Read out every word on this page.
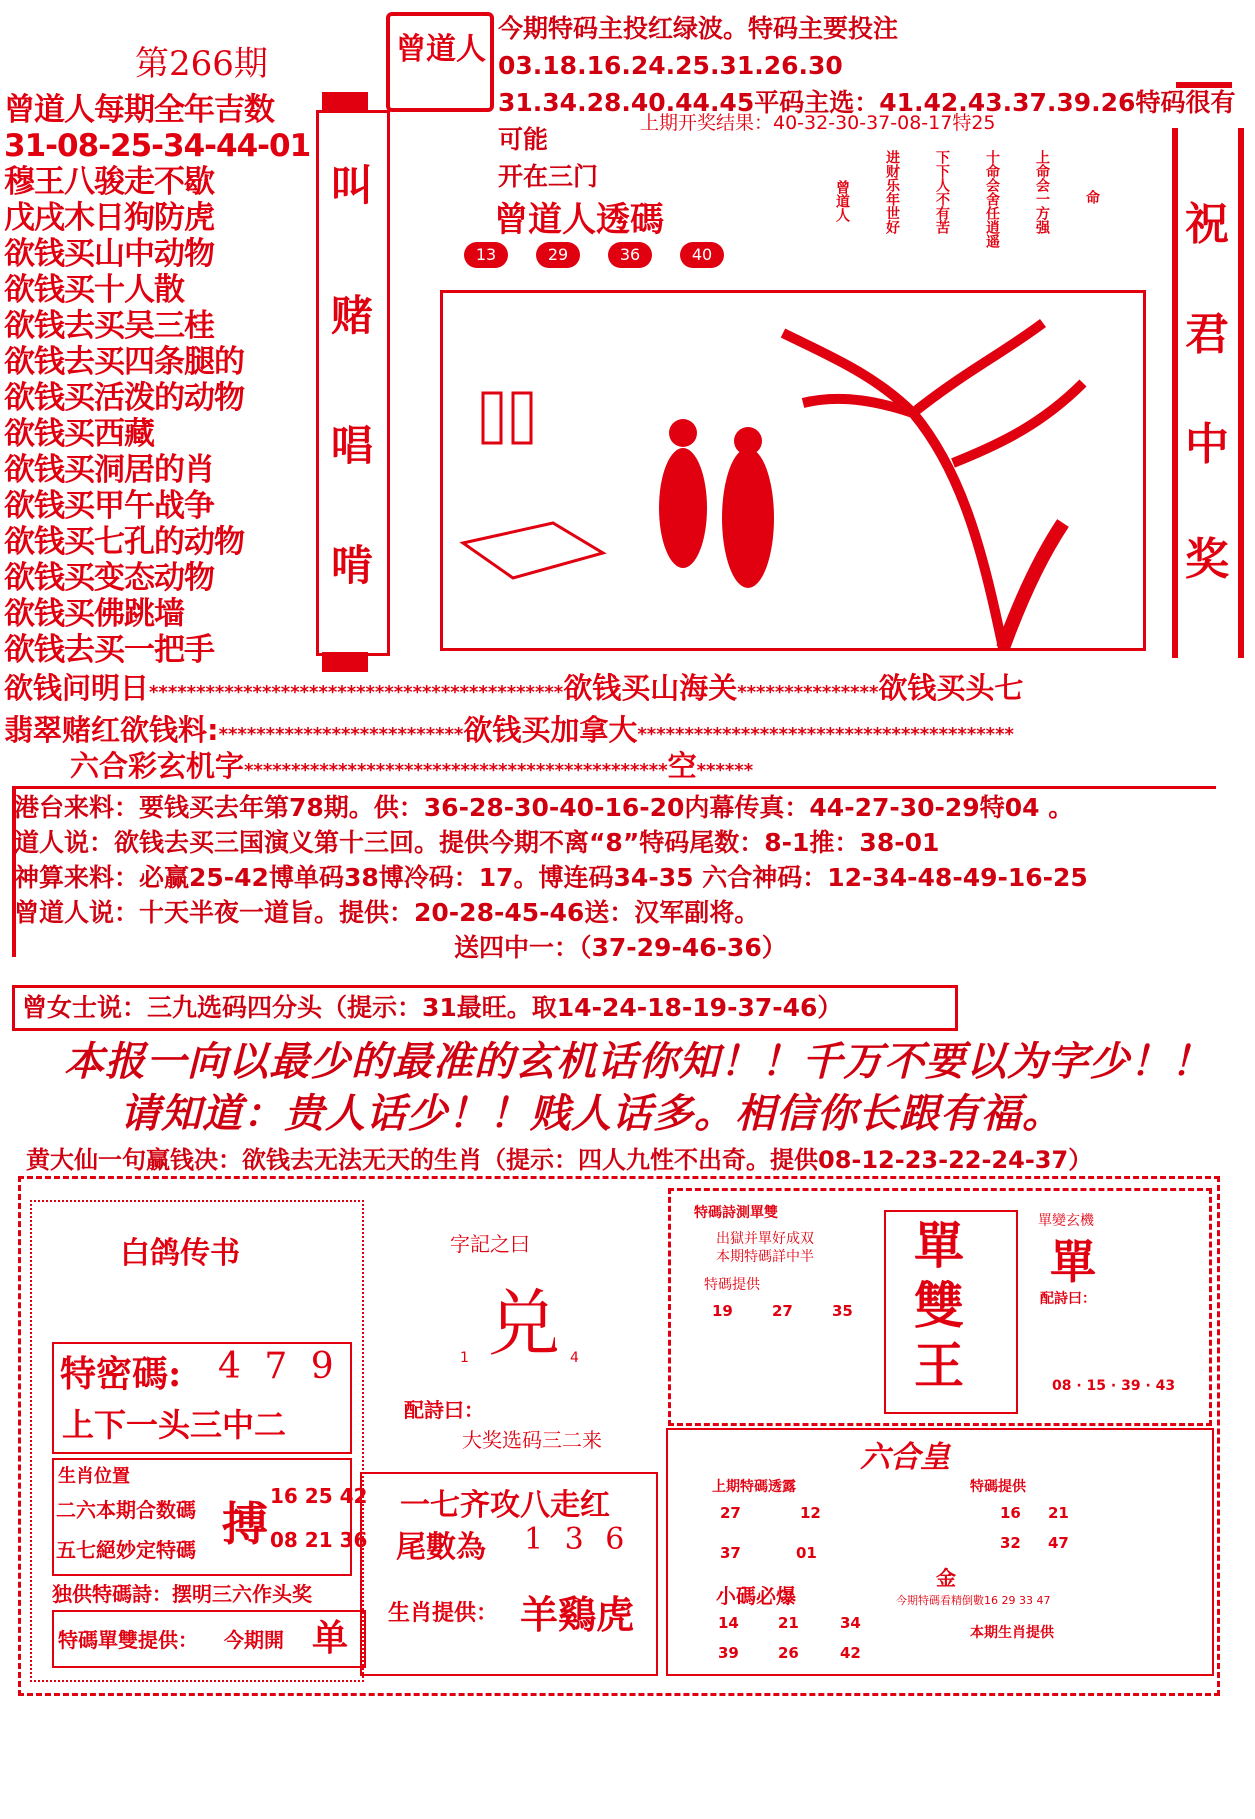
第266期	曾道人
今期特码主投红绿波。特码主要投注03.18.16.24.25.31.26.30
31.34.28.40.44.45平码主选：41.42.43.37.39.26特码很有可能
开在三门
上期开奖结果：40-32-30-37-08-17特25
曾道人每期全年吉数
31-08-25-34-44-01
穆王八骏走不歇
戊戌木日狗防虎
欲钱买山中动物
欲钱买十人散
欲钱去买吴三桂
欲钱去买四条腿的
欲钱买活泼的动物
欲钱买西藏
欲钱买洞居的肖
欲钱买甲午战争
欲钱买七孔的动物
欲钱买变态动物
欲钱买佛跳墙
欲钱去买一把手
叫
赌
唱
啃
祝
君
中
奖
曾道人透碼
13	29	36	40
命
上命会一方强
十命会舍任逍遥
下下人不有苦
进财乐年世好
曾道人
欲钱问明日********************************************欲钱买山海关***************欲钱买头七
翡翠赌红欲钱料:**************************欲钱买加拿大****************************************
六合彩玄机字*********************************************空******
港台来料：要钱买去年第78期。供：36-28-30-40-16-20内幕传真：44-27-30-29特04 。
道人说：欲钱去买三国演义第十三回。提供今期不离“8”特码尾数：8-1推：38-01
神算来料：必赢25-42博单码38博冷码：17。博连码34-35 六合神码：12-34-48-49-16-25
曾道人说：十天半夜一道旨。提供：20-28-45-46送：汉军副将。
送四中一：（37-29-46-36）
曾女士说：三九选码四分头（提示：31最旺。取14-24-18-19-37-46）
本报一向以最少的最准的玄机话你知！！千万不要以为字少！！
请知道：贵人话少！！贱人话多。相信你长跟有福。
黄大仙一句赢钱决：欲钱去无法无天的生肖（提示：四人九性不出奇。提供08-12-23-22-24-37）
白鸽传书
特密碼: 4 7 9
上下一头三中二
生肖位置
二六本期合数碼
五七絕妙定特碼 搏
16 25 42
08 21 36
独供特碼詩：摆明三六作头奖
特碼單雙提供： 今期開 单
字記之曰
兑
1	4
配詩曰：
大奖选码三二来
一七齐攻八走红
尾數為 1 3 6
生肖提供： 羊鷄虎
特碼詩測單雙
出獄并單好成双
本期特碼詳中半
特碼提供
19	27	35
單
雙
王
單變玄機
單
配詩曰：
08 · 15 · 39 · 43
六合皇
上期特碼透露
27	12
37	01
小碼必爆
14	21	34
39	26	42
特碼提供
16 21
32 47
金
今期特碼看精倒數16 29 33 47
本期生肖提供
